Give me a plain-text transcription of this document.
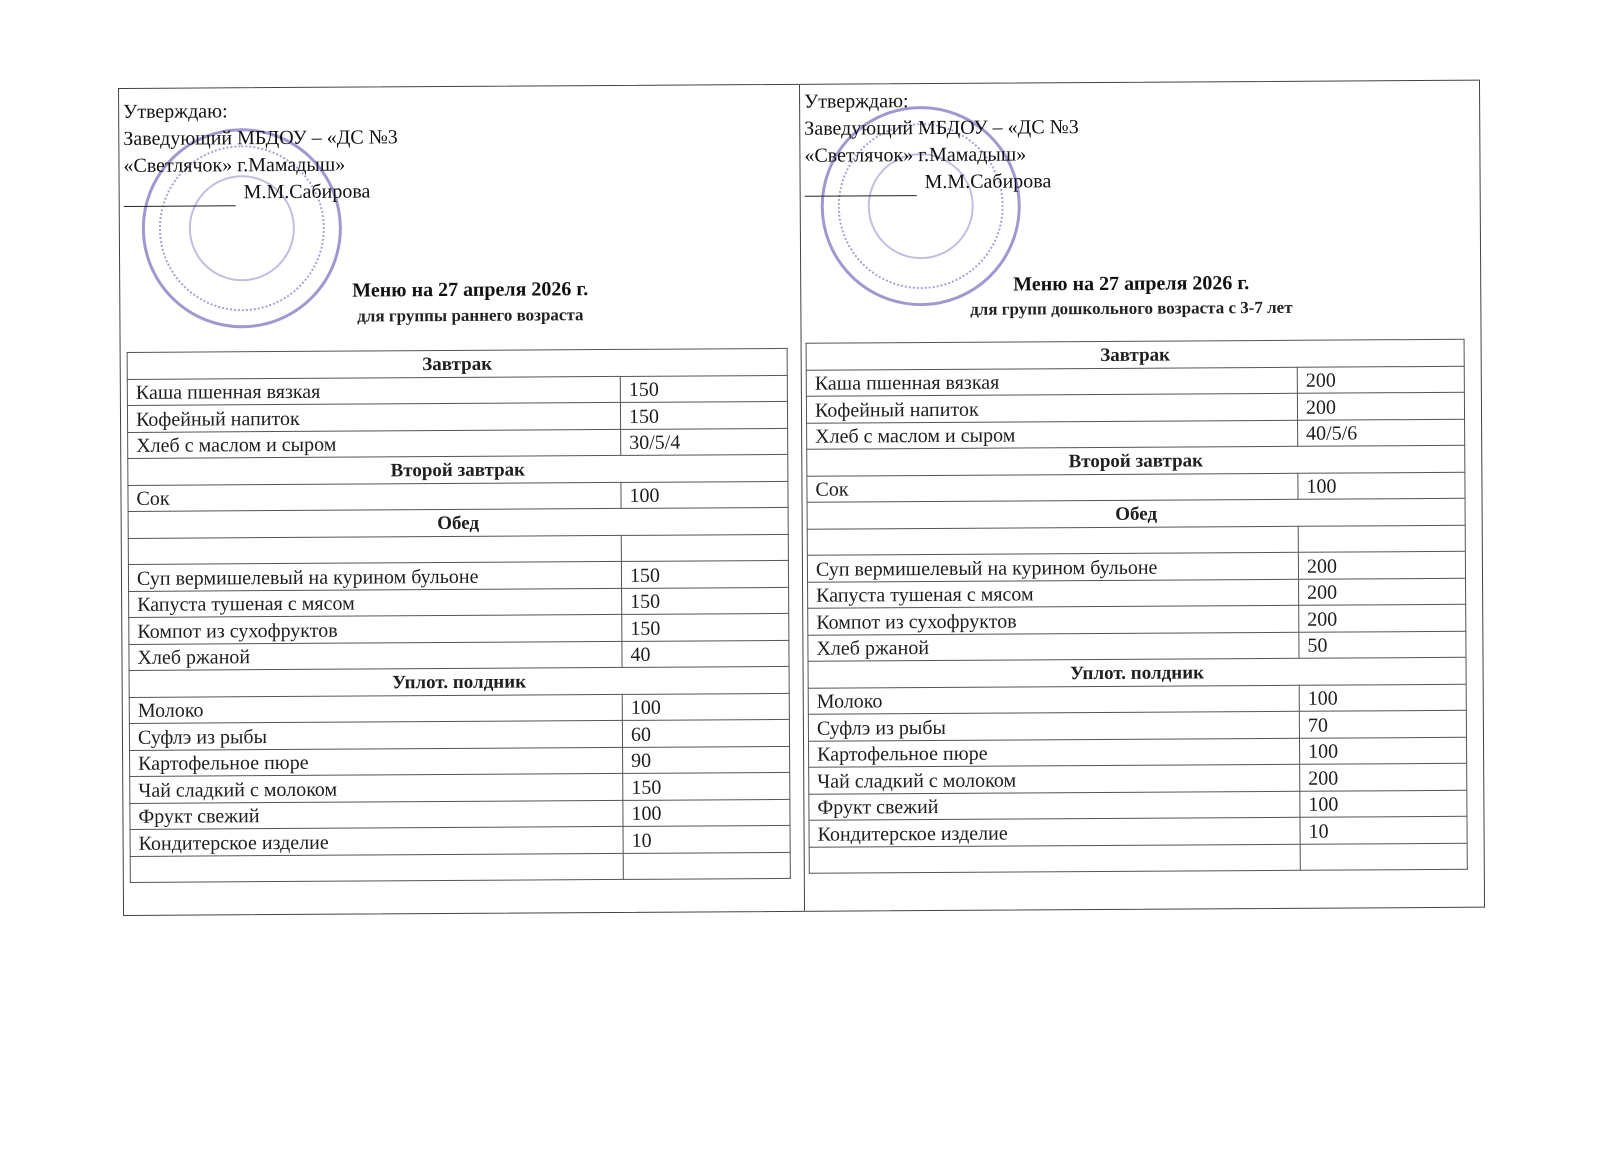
Утверждаю:
Заведующий МБДОУ – «ДС №3
«Светлячок» г.Мамадыш»
М.М.Сабирова
Меню на 27 апреля 2026 г.
для группы раннего возраста
Завтрак	
Каша пшенная вязкая	150
Кофейный напиток	150
Хлеб с маслом и сыром	30/5/4
Второй завтрак	
Сок	100
Обед	

Суп вермишелевый на курином бульоне	150
Капуста тушеная с мясом	150
Компот из сухофруктов	150
Хлеб ржаной	40
Уплот. полдник	
Молоко	100
Суфлэ из рыбы	60
Картофельное пюре	90
Чай сладкий с молоком	150
Фрукт свежий	100
Кондитерское изделие	10

Утверждаю:
Заведующий МБДОУ – «ДС №3
«Светлячок» г.Мамадыш»
М.М.Сабирова
Меню на 27 апреля 2026 г.
для групп дошкольного возраста с 3-7 лет
Завтрак	
Каша пшенная вязкая	200
Кофейный напиток	200
Хлеб с маслом и сыром	40/5/6
Второй завтрак	
Сок	100
Обед	

Суп вермишелевый на курином бульоне	200
Капуста тушеная с мясом	200
Компот из сухофруктов	200
Хлеб ржаной	50
Уплот. полдник	
Молоко	100
Суфлэ из рыбы	70
Картофельное пюре	100
Чай сладкий с молоком	200
Фрукт свежий	100
Кондитерское изделие	10
